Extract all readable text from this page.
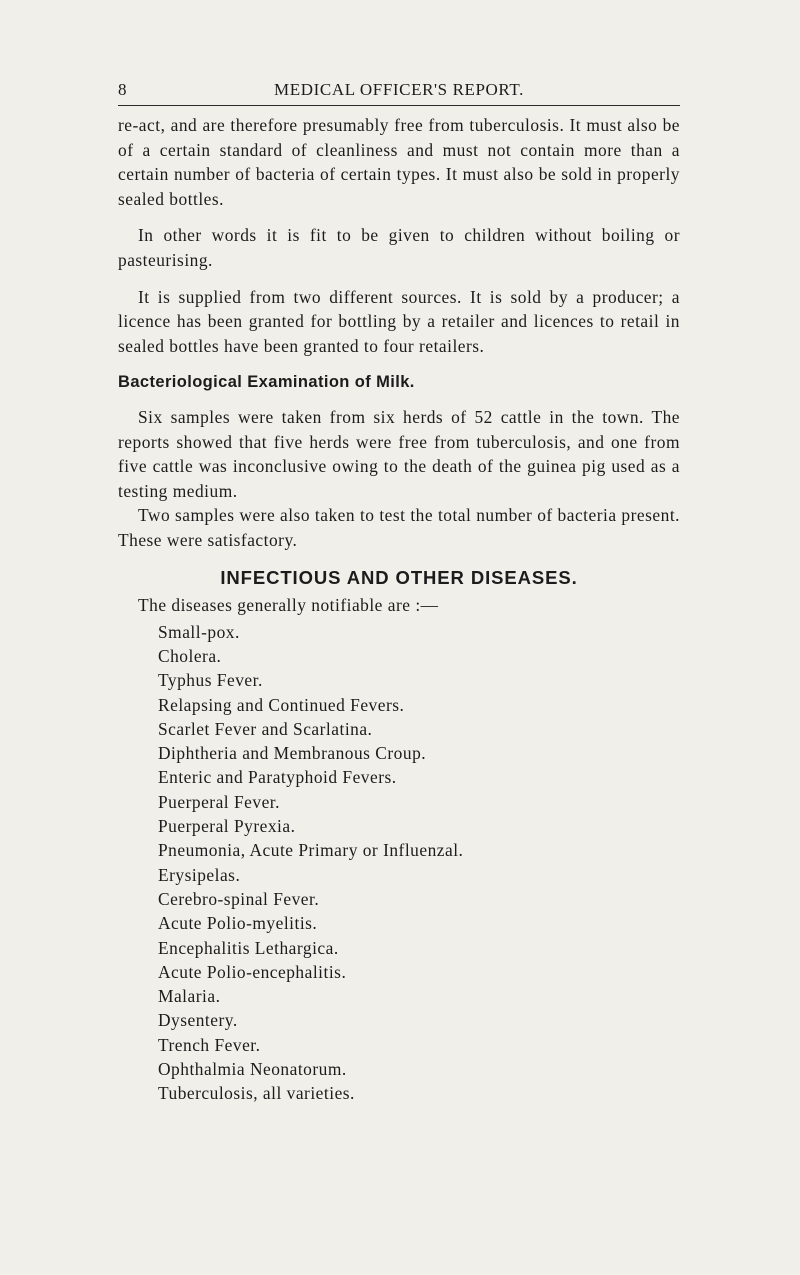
8	MEDICAL OFFICER'S REPORT.

re-act, and are therefore presumably free from tuberculosis. It must also be of a certain standard of cleanliness and must not contain more than a certain number of bacteria of certain types. It must also be sold in properly sealed bottles.

In other words it is fit to be given to children without boiling or pasteurising.

It is supplied from two different sources. It is sold by a producer; a licence has been granted for bottling by a retailer and licences to retail in sealed bottles have been granted to four retailers.

Bacteriological Examination of Milk.

Six samples were taken from six herds of 52 cattle in the town. The reports showed that five herds were free from tuberculosis, and one from five cattle was inconclusive owing to the death of the guinea pig used as a testing medium.

Two samples were also taken to test the total number of bacteria present. These were satisfactory.

INFECTIOUS AND OTHER DISEASES.
The diseases generally notifiable are :—
Small-pox.
Cholera.
Typhus Fever.
Relapsing and Continued Fevers.
Scarlet Fever and Scarlatina.
Diphtheria and Membranous Croup.
Enteric and Paratyphoid Fevers.
Puerperal Fever.
Puerperal Pyrexia.
Pneumonia, Acute Primary or Influenzal.
Erysipelas.
Cerebro-spinal Fever.
Acute Polio-myelitis.
Encephalitis Lethargica.
Acute Polio-encephalitis.
Malaria.
Dysentery.
Trench Fever.
Ophthalmia Neonatorum.
Tuberculosis, all varieties.
